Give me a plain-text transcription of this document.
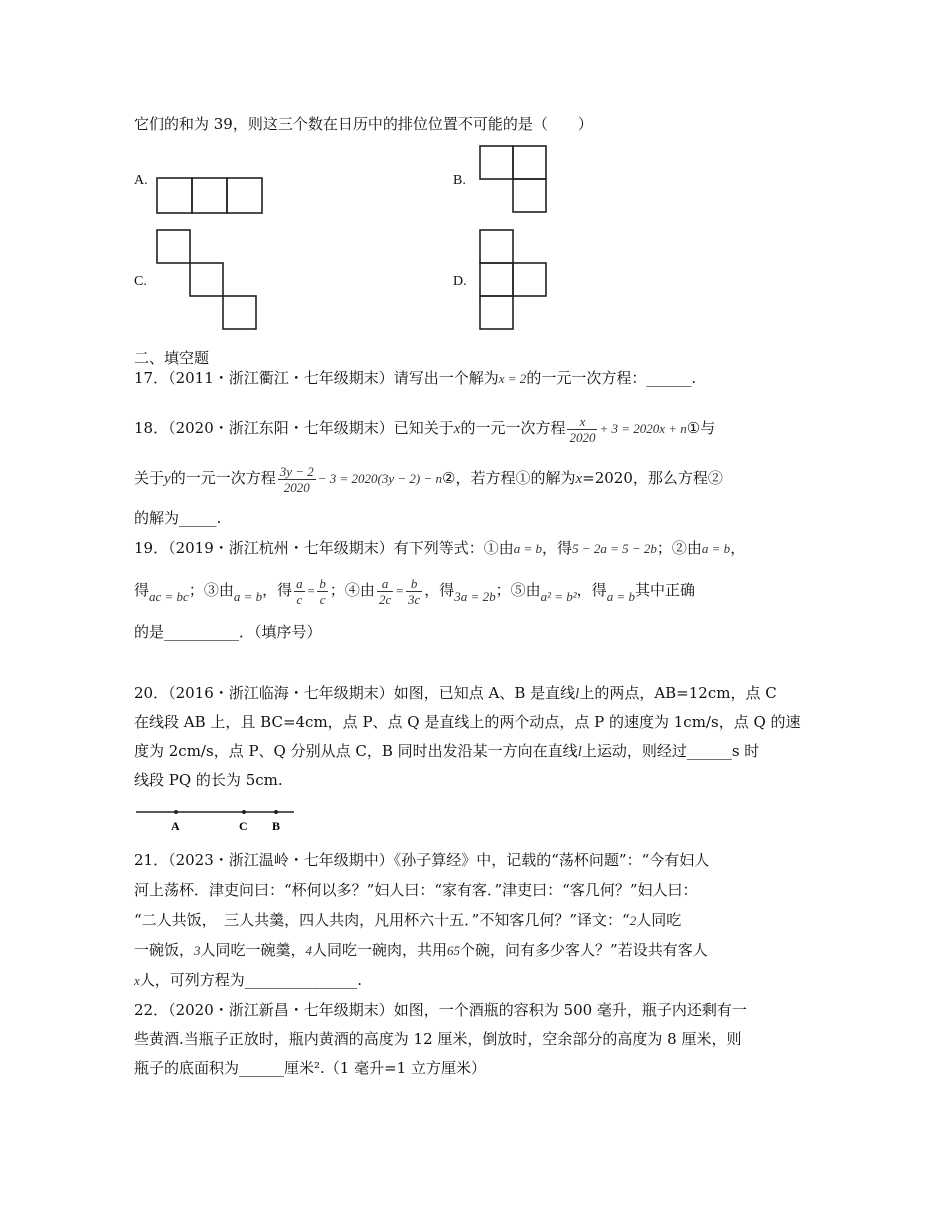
它们的和为 39，则这三个数在日历中的排位位置不可能的是（　　）
A.	B.
C.	D.
二、填空题
17．（2011・浙江衢江・七年级期末）请写出一个解为x = 2的一元一次方程：______.
18．（2020・浙江东阳・七年级期末）已知关于x的一元一次方程 $\frac{x}{2020} + 3 = 2020x$ + n①与
关于y的一元一次方程 $\frac{3y - 2}{2020} - 3 = 2020(3y - 2)$ − n②，若方程①的解为x=2020，那么方程②
的解为_____.
19．（2019・浙江杭州・七年级期末）有下列等式：①由a = b，得5 − 2a = 5 − 2b；②由a = b，
得ac = bc；③由a = b，得 $\frac{a}{c} = \frac{b}{c}$ ；④由 $\frac{a}{2c} = \frac{b}{3c}$ ，得3a = 2b；⑤由a² = b²，得a = b其中正确
的是__________．（填序号）
20．（2016・浙江临海・七年级期末）如图，已知点 A、B 是直线l上的两点，AB=12cm，点 C
在线段 AB 上，且 BC=4cm，点 P、点 Q 是直线上的两个动点，点 P 的速度为 1cm/s，点 Q 的速
度为 2cm/s，点 P、Q 分别从点 C，B 同时出发沿某一方向在直线l上运动，则经过______s 时
线段 PQ 的长为 5cm.
A	C B
21．（2023・浙江温岭・七年级期中）《孙子算经》中，记载的“荡杯问题”：“今有妇人
河上荡杯．津吏问曰：“杯何以多？”妇人曰：“家有客．”津吏曰：“客几何？”妇人曰：
“二人共饭，　三人共羹，四人共肉，凡用杯六十五．”不知客几何？”译文：“2人同吃
一碗饭，3人同吃一碗羹，4人同吃一碗肉，共用65个碗，问有多少客人？”若设共有客人
x人，可列方程为_______________.
22．（2020・浙江新昌・七年级期末）如图，一个酒瓶的容积为 500 毫升，瓶子内还剩有一
些黄酒.当瓶子正放时，瓶内黄酒的高度为 12 厘米，倒放时，空余部分的高度为 8 厘米，则
瓶子的底面积为______厘米².（1 毫升=1 立方厘米）
